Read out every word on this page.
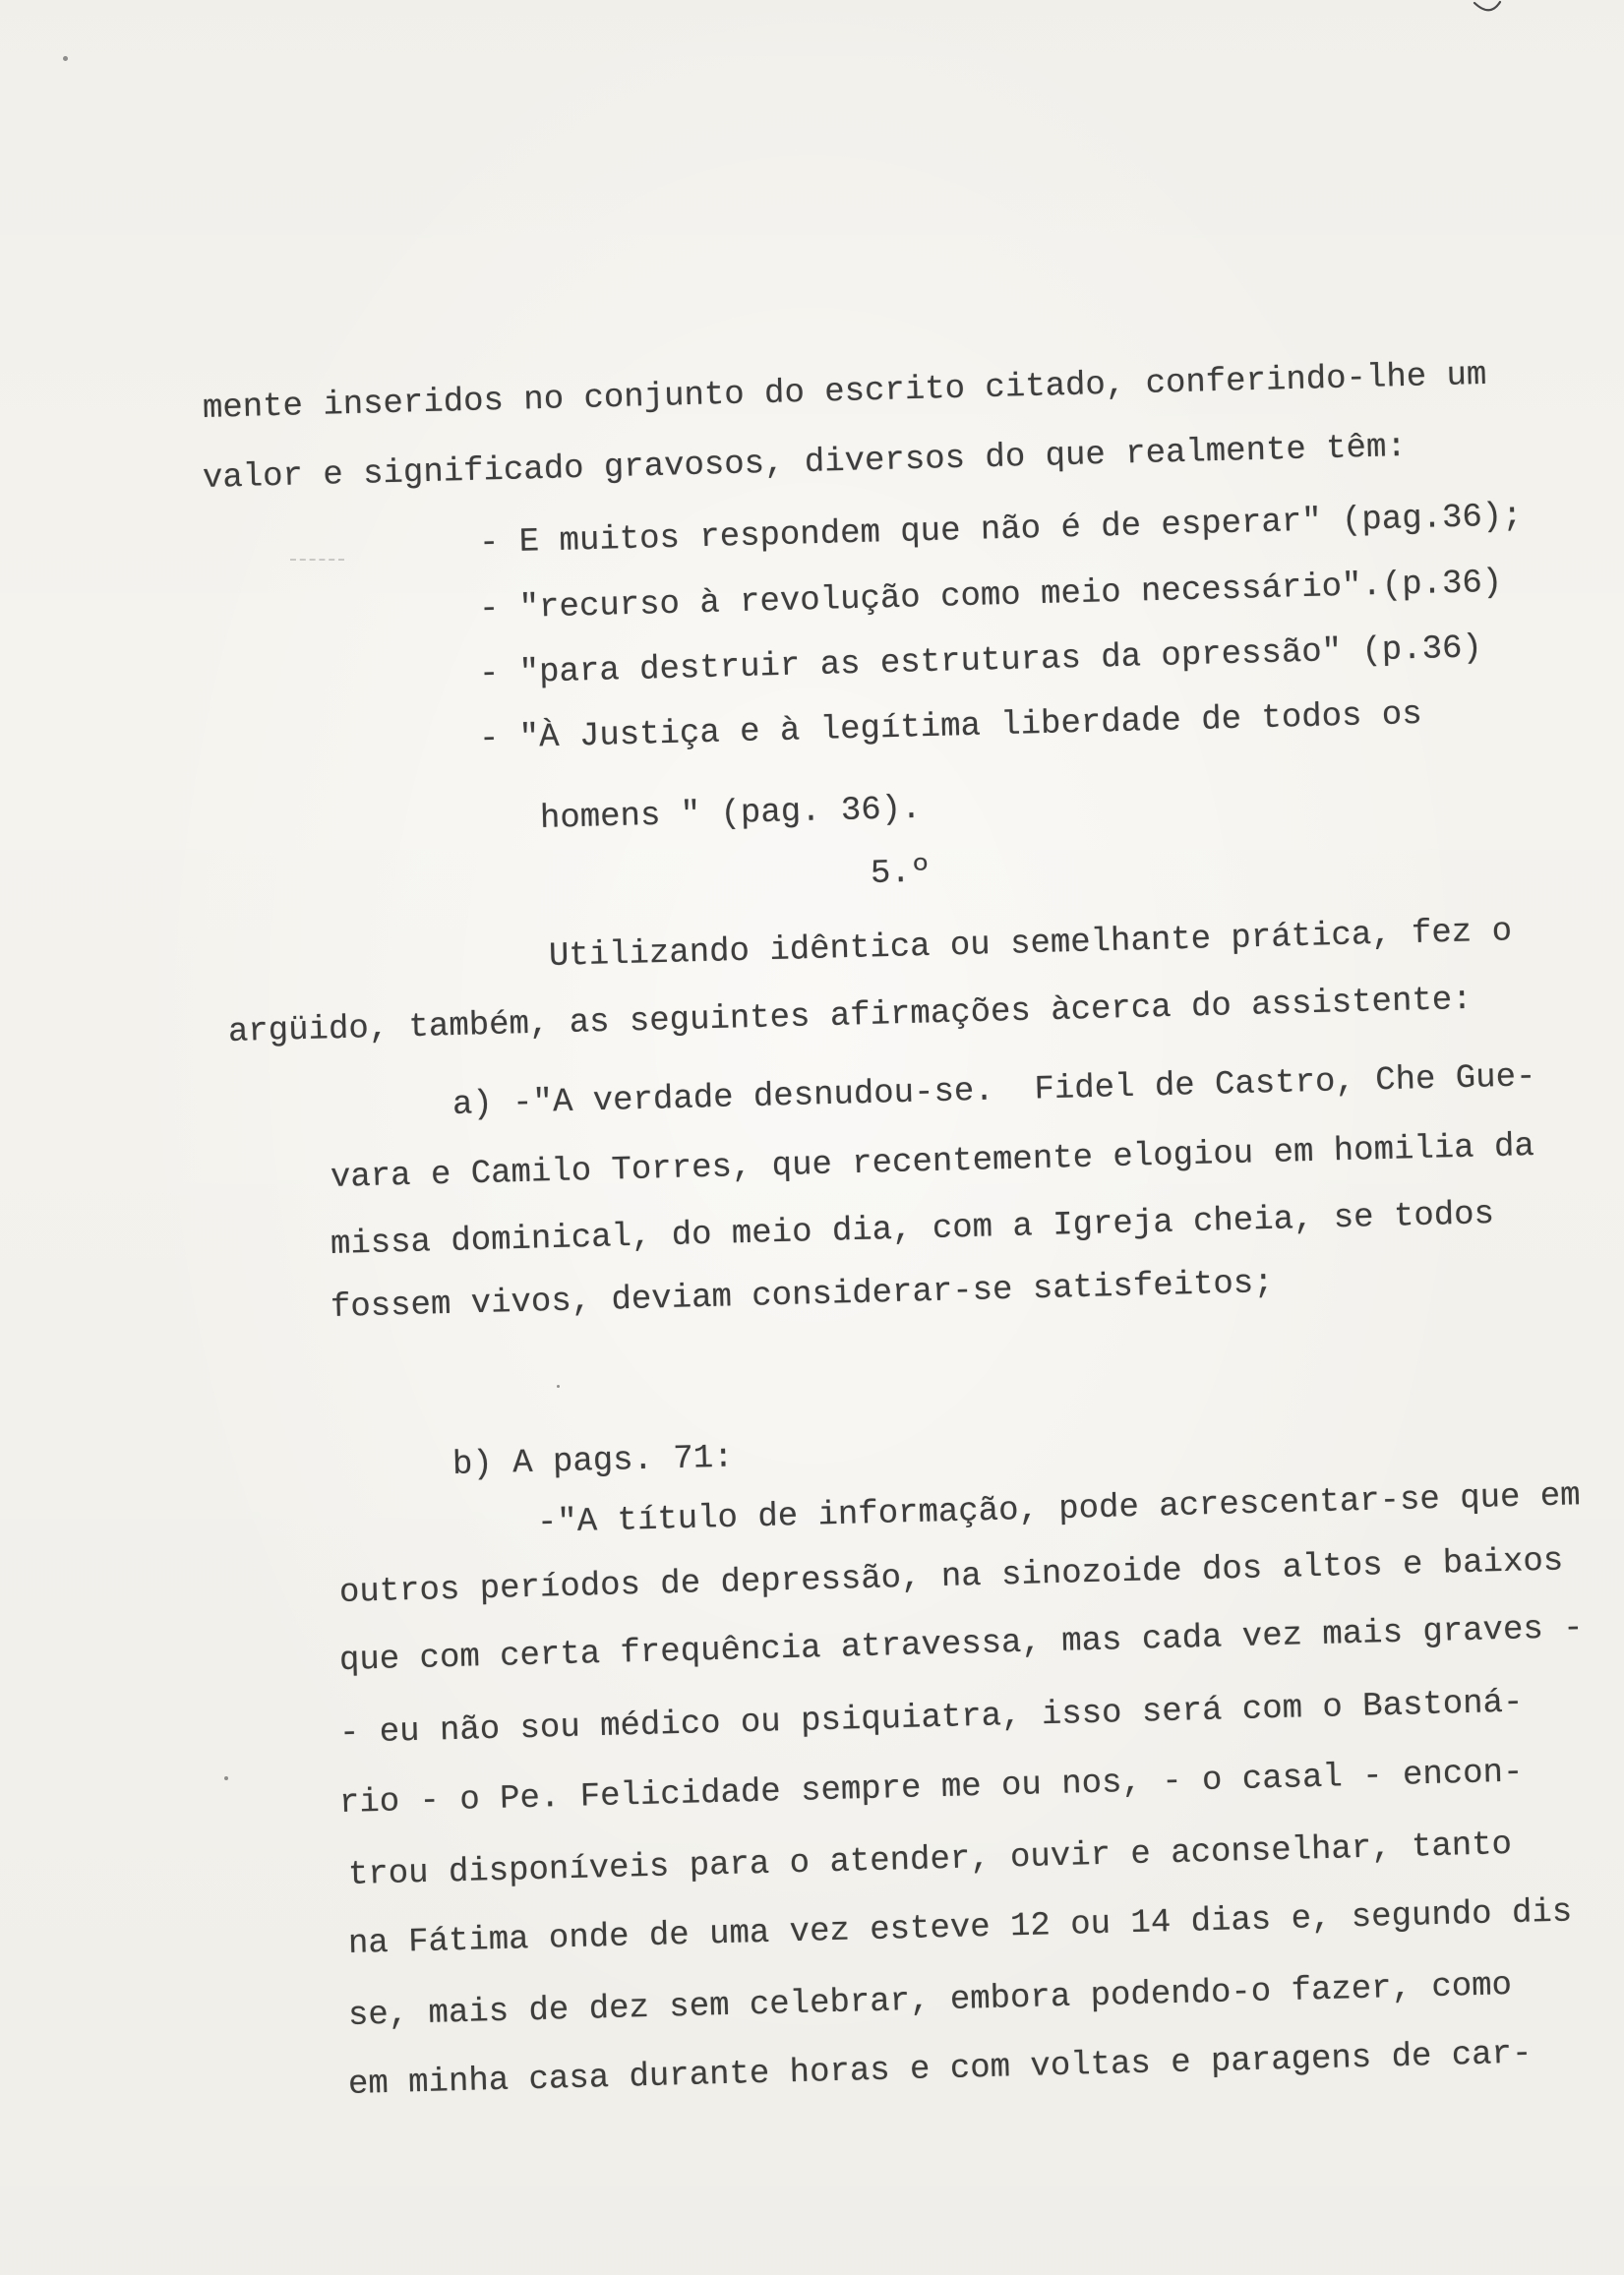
mente inseridos no conjunto do escrito citado, conferindo-lhe um
valor e significado gravosos, diversos do que realmente têm:
- E muitos respondem que não é de esperar" (pag.36);
- "recurso à revolução como meio necessário".(p.36)
- "para destruir as estruturas da opressão" (p.36)
- "À Justiça e à legítima liberdade de todos os
homens " (pag. 36).
5.º
Utilizando idêntica ou semelhante prática, fez o
argüido, também, as seguintes afirmações àcerca do assistente:
a) -"A verdade desnudou-se.  Fidel de Castro, Che Gue-
vara e Camilo Torres, que recentemente elogiou em homilia da
missa dominical, do meio dia, com a Igreja cheia, se todos
fossem vivos, deviam considerar-se satisfeitos;
b) A pags. 71:
-"A título de informação, pode acrescentar-se que em
outros períodos de depressão, na sinozoide dos altos e baixos
que com certa frequência atravessa, mas cada vez mais graves -
- eu não sou médico ou psiquiatra, isso será com o Bastoná-
rio - o Pe. Felicidade sempre me ou nos, - o casal - encon-
trou disponíveis para o atender, ouvir e aconselhar, tanto
na Fátima onde de uma vez esteve 12 ou 14 dias e, segundo dis
se, mais de dez sem celebrar, embora podendo-o fazer, como
em minha casa durante horas e com voltas e paragens de car-
